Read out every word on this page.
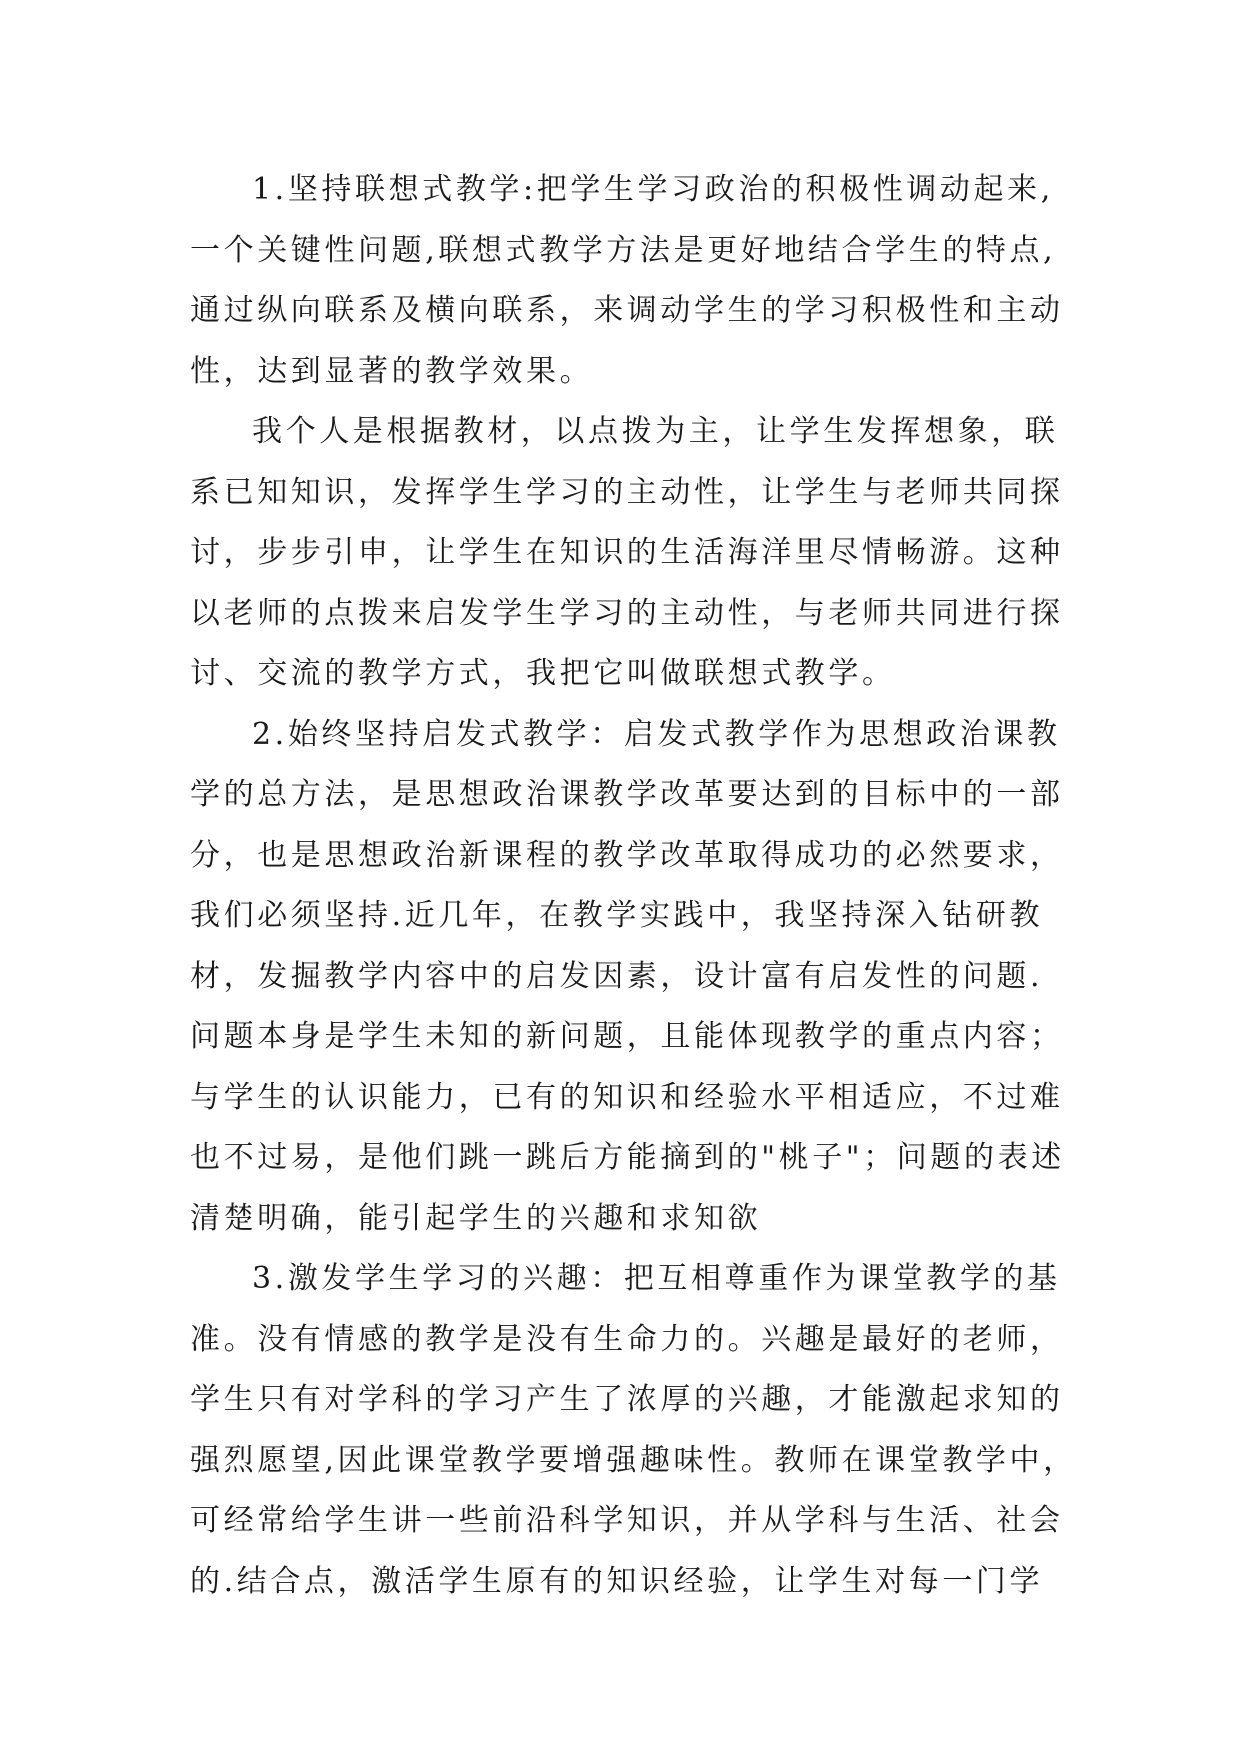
1.坚持联想式教学:把学生学习政治的积极性调动起来,
一个关键性问题,联想式教学方法是更好地结合学生的特点,
通过纵向联系及横向联系，来调动学生的学习积极性和主动
性，达到显著的教学效果。
我个人是根据教材，以点拨为主，让学生发挥想象，联
系已知知识，发挥学生学习的主动性，让学生与老师共同探
讨，步步引申，让学生在知识的生活海洋里尽情畅游。这种
以老师的点拨来启发学生学习的主动性，与老师共同进行探
讨、交流的教学方式，我把它叫做联想式教学。
2.始终坚持启发式教学：启发式教学作为思想政治课教
学的总方法，是思想政治课教学改革要达到的目标中的一部
分，也是思想政治新课程的教学改革取得成功的必然要求，
我们必须坚持.近几年，在教学实践中，我坚持深入钻研教
材，发掘教学内容中的启发因素，设计富有启发性的问题.
问题本身是学生未知的新问题，且能体现教学的重点内容；
与学生的认识能力，已有的知识和经验水平相适应，不过难
也不过易，是他们跳一跳后方能摘到的"桃子"；问题的表述
清楚明确，能引起学生的兴趣和求知欲
3.激发学生学习的兴趣：把互相尊重作为课堂教学的基
准。没有情感的教学是没有生命力的。兴趣是最好的老师，
学生只有对学科的学习产生了浓厚的兴趣，才能激起求知的
强烈愿望,因此课堂教学要增强趣味性。教师在课堂教学中，
可经常给学生讲一些前沿科学知识，并从学科与生活、社会
的.结合点，激活学生原有的知识经验，让学生对每一门学
